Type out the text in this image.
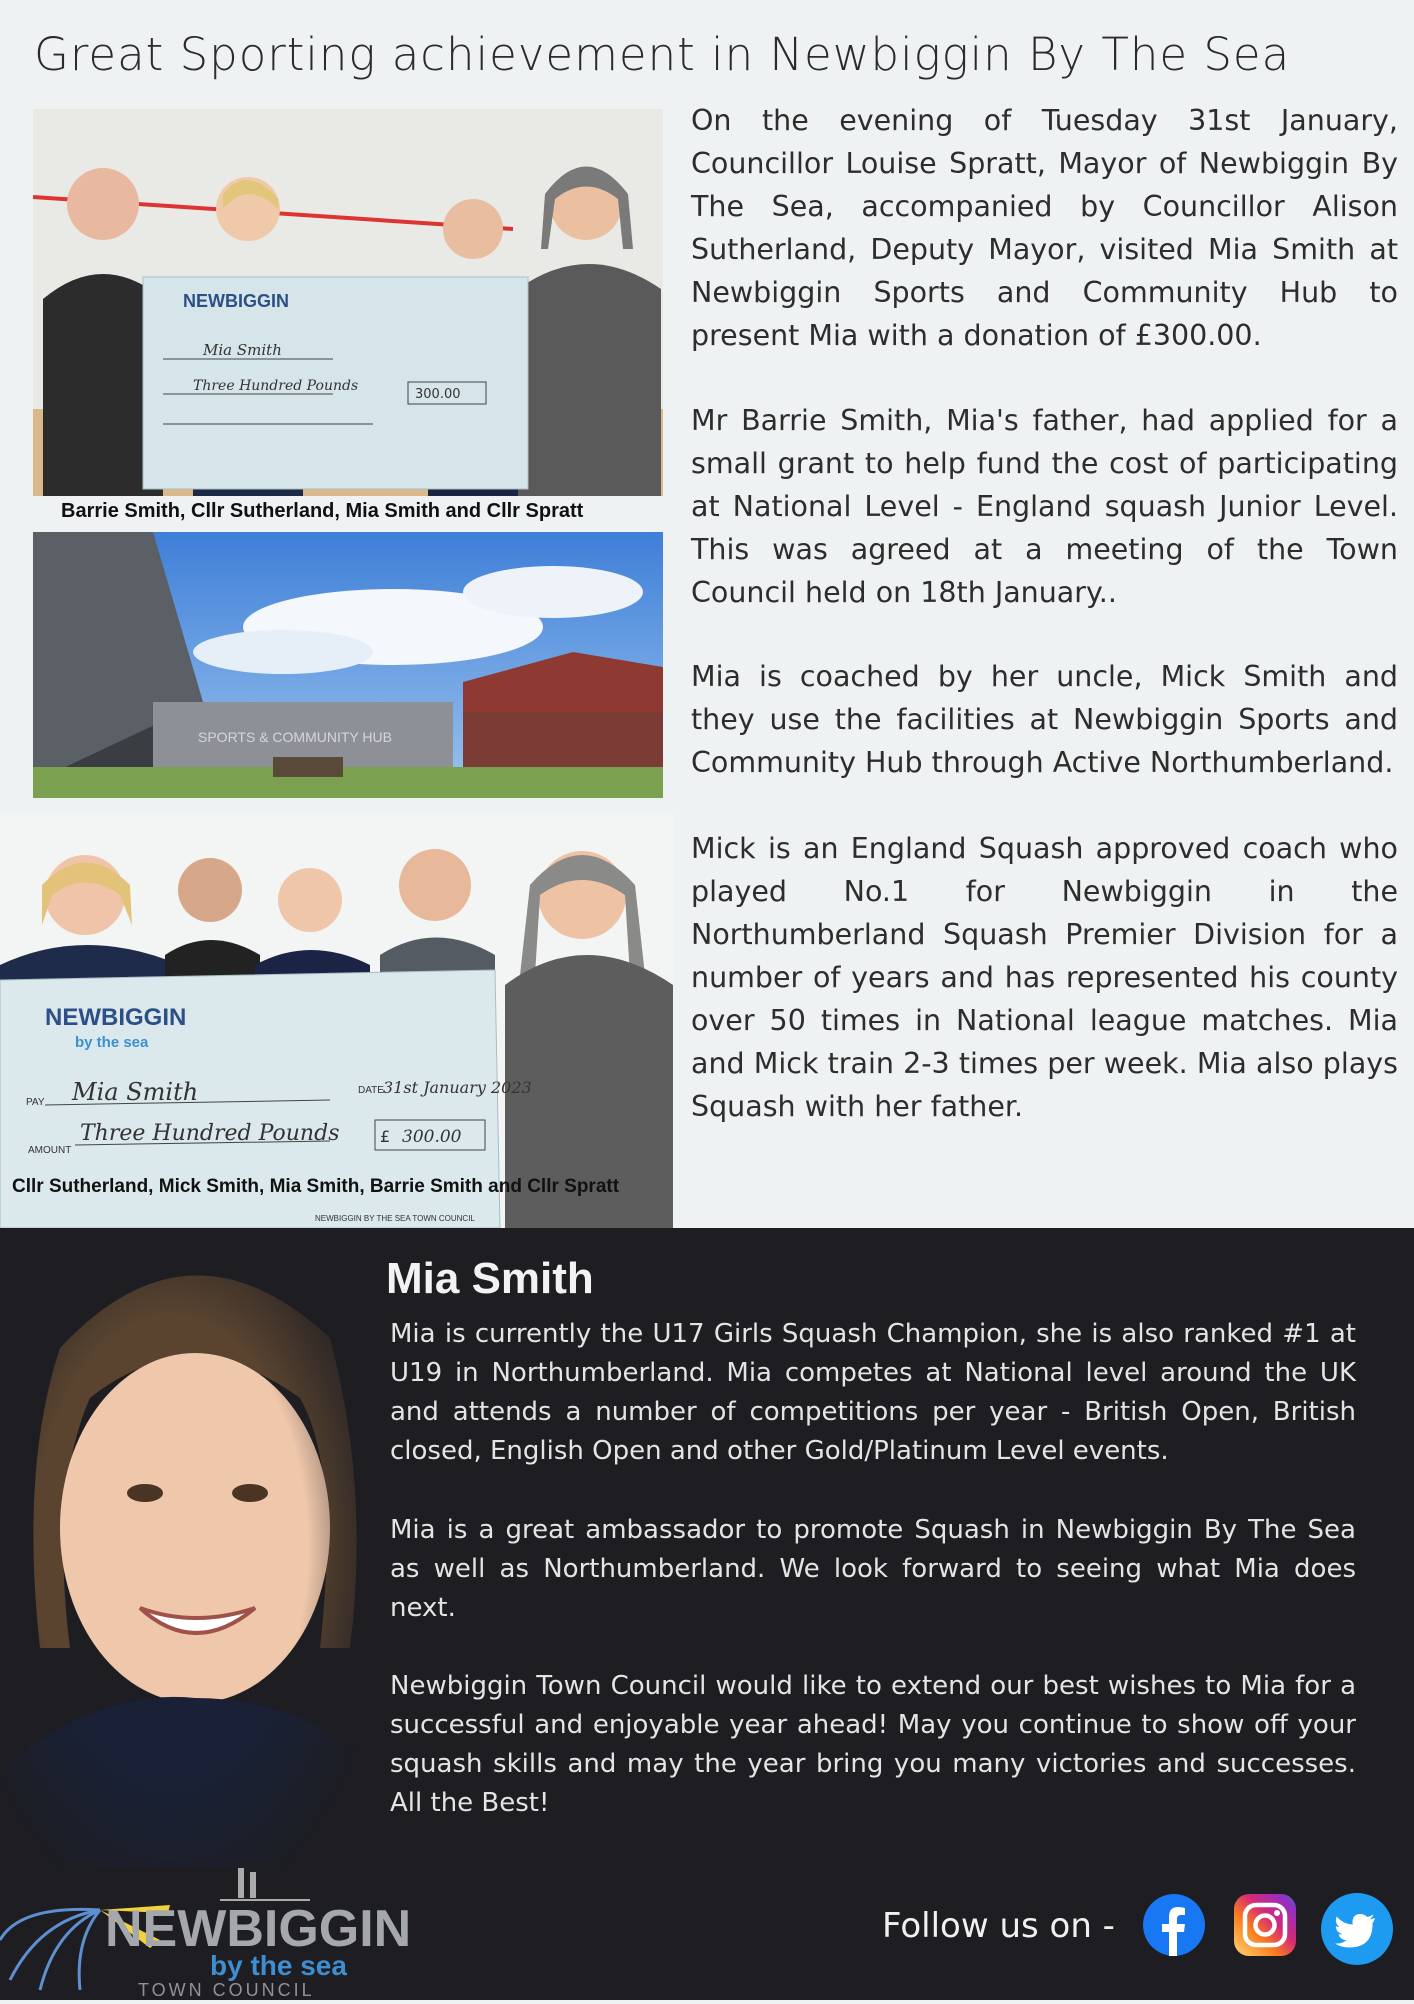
Great Sporting achievement in Newbiggin By The Sea
NEWBIGGIN
Mia Smith
Three Hundred Pounds
300.00
Barrie Smith, Cllr Sutherland, Mia Smith and Cllr Spratt
SPORTS & COMMUNITY HUB
NEWBIGGIN
by the sea
PAY Mia Smith	DATE 31st January 2023
AMOUNT
Three Hundred Pounds	£ 300.00
NEWBIGGIN BY THE SEA TOWN COUNCIL
Cllr Sutherland, Mick Smith, Mia Smith, Barrie Smith and Cllr Spratt

On the evening of Tuesday 31st January, Councillor Louise Spratt, Mayor of Newbiggin By The Sea, accompanied by Councillor Alison Sutherland, Deputy Mayor, visited Mia Smith at Newbiggin Sports and Community Hub to present Mia with a donation of £300.00.

Mr Barrie Smith, Mia's father, had applied for a small grant to help fund the cost of participating at National Level - England squash Junior Level. This was agreed at a meeting of the Town Council held on 18th January..

Mia is coached by her uncle, Mick Smith and they use the facilities at Newbiggin Sports and Community Hub through Active Northumberland.

Mick is an England Squash approved coach who played No.1 for Newbiggin in the Northumberland Squash Premier Division for a number of years and has represented his county over 50 times in National league matches. Mia and Mick train 2-3 times per week. Mia also plays Squash with her father.

Mia Smith

Mia is currently the U17 Girls Squash Champion, she is also ranked #1 at U19 in Northumberland. Mia competes at National level around the UK and attends a number of competitions per year - British Open, British closed, English Open and other Gold/Platinum Level events.

Mia is a great ambassador to promote Squash in Newbiggin By The Sea as well as Northumberland. We look forward to seeing what Mia does next.

Newbiggin Town Council would like to extend our best wishes to Mia for a successful and enjoyable year ahead! May you continue to show off your squash skills and may the year bring you many victories and successes. All the Best!

NEWBIGGIN
by the sea
TOWN COUNCIL
Follow us on -
